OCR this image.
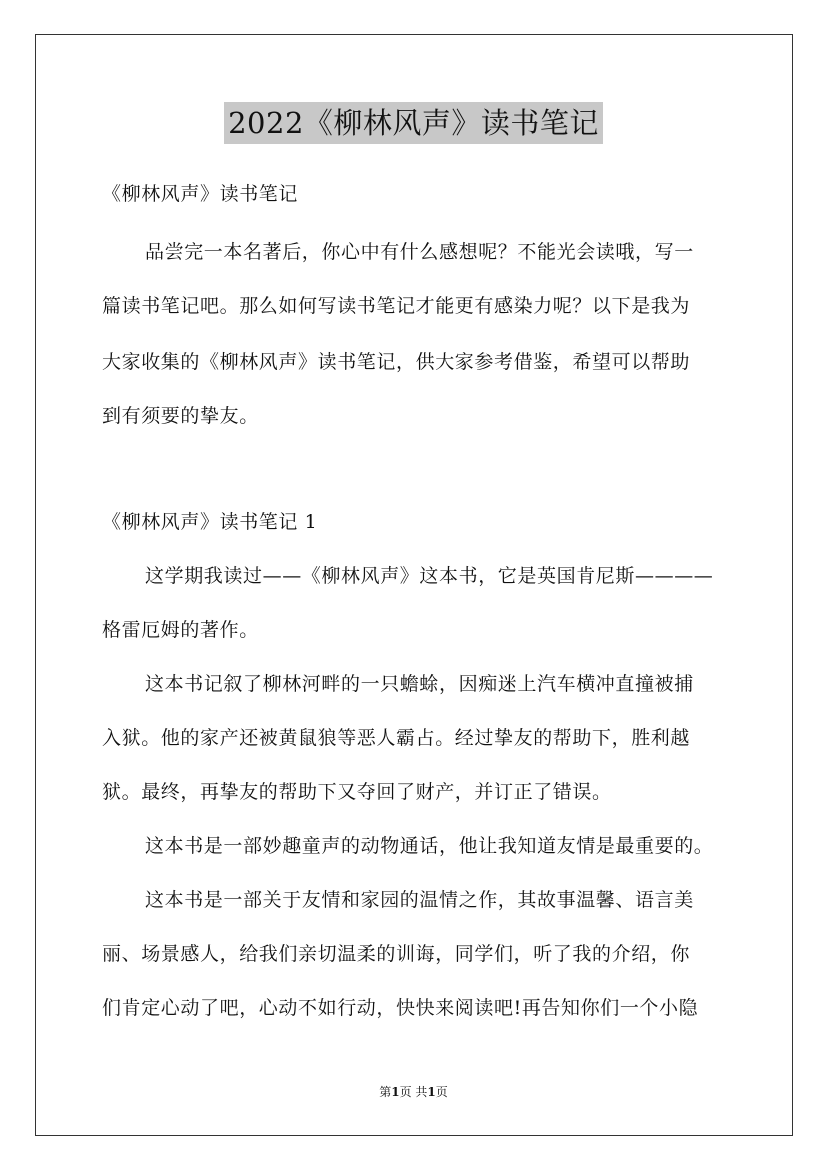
2022《柳林风声》读书笔记
《柳林风声》读书笔记
品尝完一本名著后，你心中有什么感想呢？不能光会读哦，写一
篇读书笔记吧。那么如何写读书笔记才能更有感染力呢？以下是我为
大家收集的《柳林风声》读书笔记，供大家参考借鉴，希望可以帮助
到有须要的挚友。
《柳林风声》读书笔记 1
这学期我读过——《柳林风声》这本书，它是英国肯尼斯————
格雷厄姆的著作。
这本书记叙了柳林河畔的一只蟾蜍，因痴迷上汽车横冲直撞被捕
入狱。他的家产还被黄鼠狼等恶人霸占。经过挚友的帮助下，胜利越
狱。最终，再挚友的帮助下又夺回了财产，并订正了错误。
这本书是一部妙趣童声的动物通话，他让我知道友情是最重要的。
这本书是一部关于友情和家园的温情之作，其故事温馨、语言美
丽、场景感人，给我们亲切温柔的训诲，同学们，听了我的介绍，你
们肯定心动了吧，心动不如行动，快快来阅读吧!再告知你们一个小隐
第1页 共1页
